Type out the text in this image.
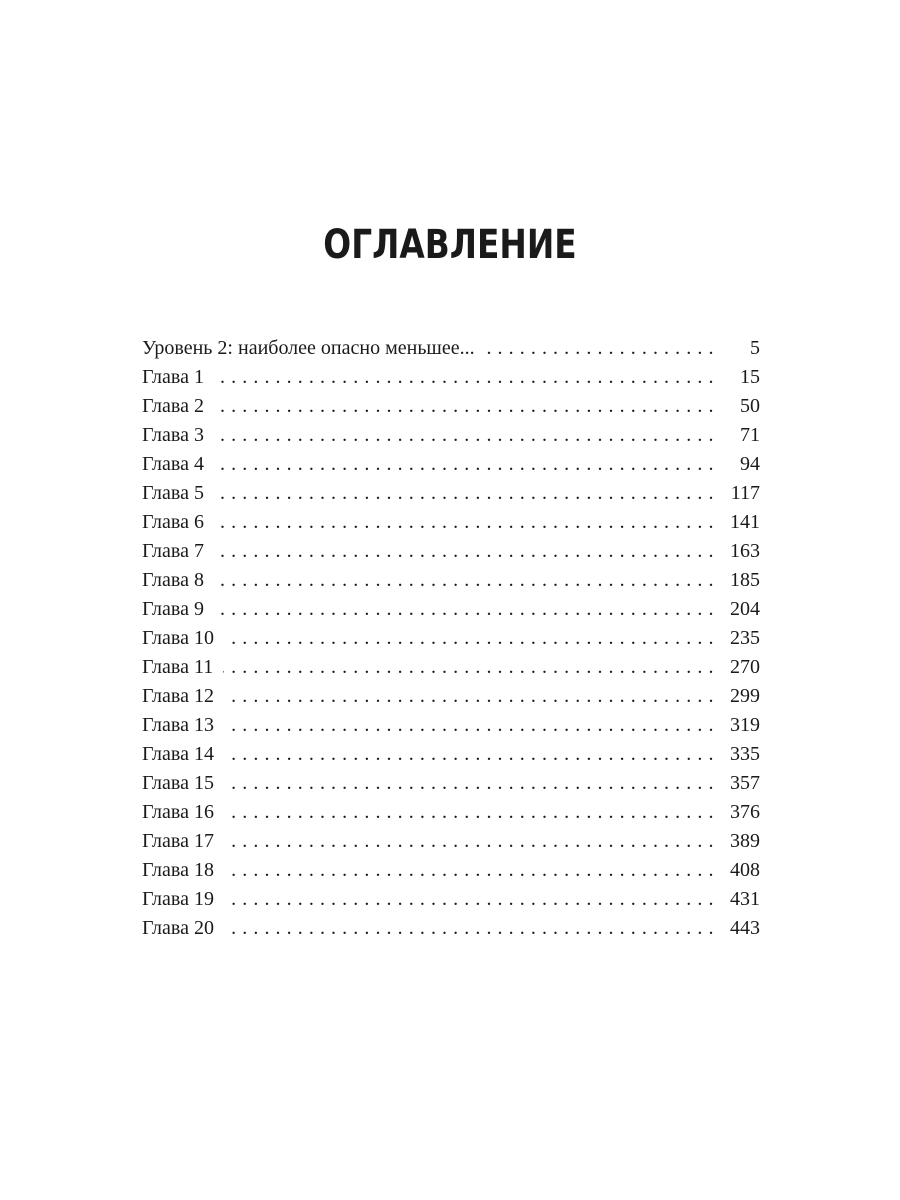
ОГЛАВЛЕНИЕ
Уровень 2: наиболее опасно меньшее... . . .	5
Глава 1 . . .	15
Глава 2 . . .	50
Глава 3 . . .	71
Глава 4 . . .	94
Глава 5 . . .	117
Глава 6 . . .	141
Глава 7 . . .	163
Глава 8 . . .	185
Глава 9 . . .	204
Глава 10 . . .	235
Глава 11 . . .	270
Глава 12 . . .	299
Глава 13 . . .	319
Глава 14 . . .	335
Глава 15 . . .	357
Глава 16 . . .	376
Глава 17 . . .	389
Глава 18 . . .	408
Глава 19 . . .	431
Глава 20 . . .	443
